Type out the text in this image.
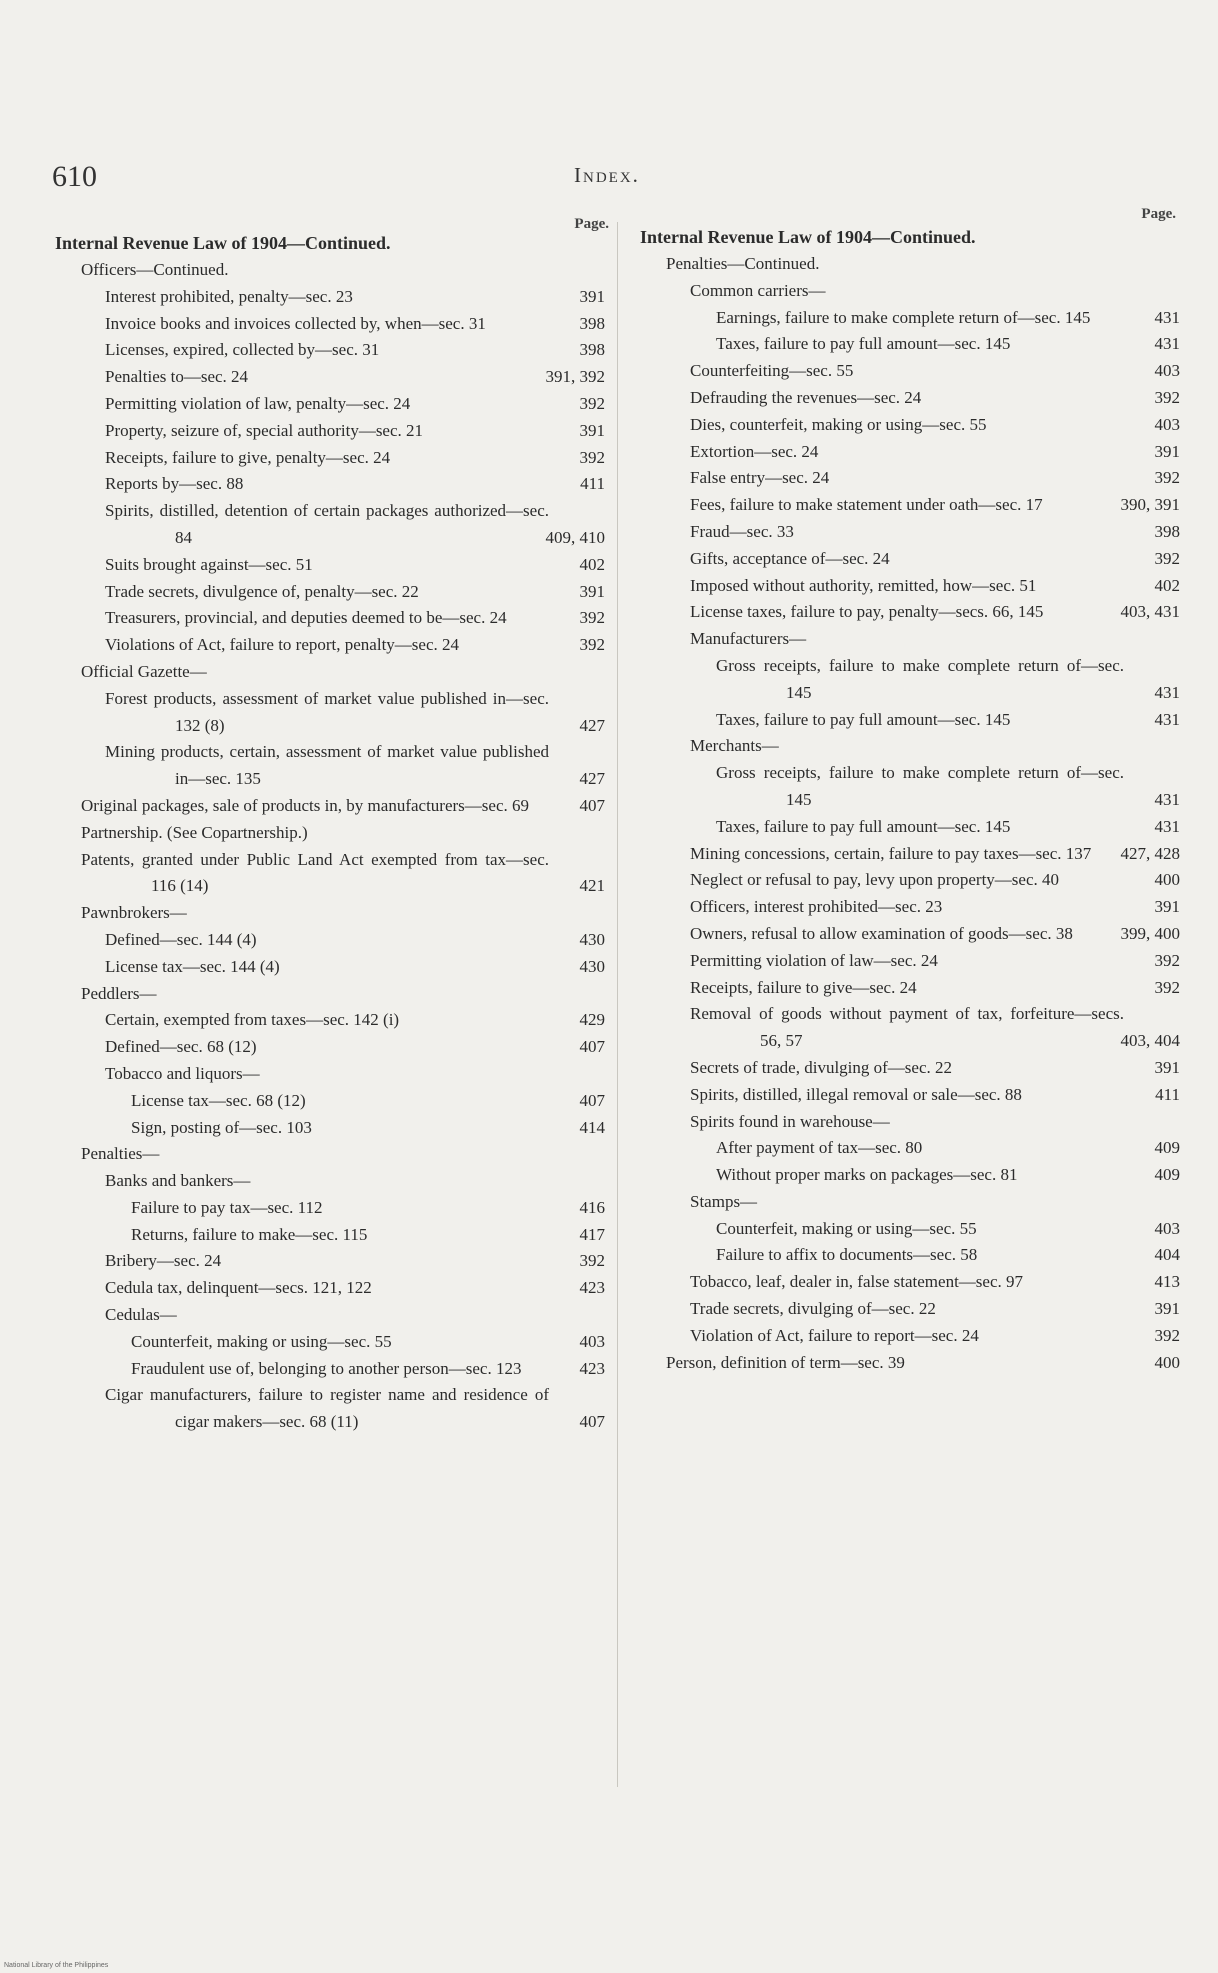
610	Index.
Page.
Internal Revenue Law of 1904—Continued.
Officers—Continued.
Interest prohibited, penalty—sec. 23	391
Invoice books and invoices collected by, when—sec. 31	398
Licenses, expired, collected by—sec. 31	398
Penalties to—sec. 24	391, 392
Permitting violation of law, penalty—sec. 24	392
Property, seizure of, special authority—sec. 21	391
Receipts, failure to give, penalty—sec. 24	392
Reports by—sec. 88	411
Spirits, distilled, detention of certain packages authorized—sec. 84	409, 410
Suits brought against—sec. 51	402
Trade secrets, divulgence of, penalty—sec. 22	391
Treasurers, provincial, and deputies deemed to be—sec. 24	392
Violations of Act, failure to report, penalty—sec. 24	392
Official Gazette—
Forest products, assessment of market value published in—sec. 132 (8)	427
Mining products, certain, assessment of market value published in—sec. 135	427
Original packages, sale of products in, by manufacturers—sec. 69	407
Partnership. (See Copartnership.)
Patents, granted under Public Land Act exempted from tax—sec. 116 (14)	421
Pawnbrokers—
Defined—sec. 144 (4)	430
License tax—sec. 144 (4)	430
Peddlers—
Certain, exempted from taxes—sec. 142 (i)	429
Defined—sec. 68 (12)	407
Tobacco and liquors—
License tax—sec. 68 (12)	407
Sign, posting of—sec. 103	414
Penalties—
Banks and bankers—
Failure to pay tax—sec. 112	416
Returns, failure to make—sec. 115	417
Bribery—sec. 24	392
Cedula tax, delinquent—secs. 121, 122	423
Cedulas—
Counterfeit, making or using—sec. 55	403
Fraudulent use of, belonging to another person—sec. 123	423
Cigar manufacturers, failure to register name and residence of cigar makers—sec. 68 (11)	407
Page.
Internal Revenue Law of 1904—Continued.
Penalties—Continued.
Common carriers—
Earnings, failure to make complete return of—sec. 145	431
Taxes, failure to pay full amount—sec. 145	431
Counterfeiting—sec. 55	403
Defrauding the revenues—sec. 24	392
Dies, counterfeit, making or using—sec. 55	403
Extortion—sec. 24	391
False entry—sec. 24	392
Fees, failure to make statement under oath—sec. 17	390, 391
Fraud—sec. 33	398
Gifts, acceptance of—sec. 24	392
Imposed without authority, remitted, how—sec. 51	402
License taxes, failure to pay, penalty—secs. 66, 145	403, 431
Manufacturers—
Gross receipts, failure to make complete return of—sec. 145	431
Taxes, failure to pay full amount—sec. 145	431
Merchants—
Gross receipts, failure to make complete return of—sec. 145	431
Taxes, failure to pay full amount—sec. 145	431
Mining concessions, certain, failure to pay taxes—sec. 137	427, 428
Neglect or refusal to pay, levy upon property—sec. 40	400
Officers, interest prohibited—sec. 23	391
Owners, refusal to allow examination of goods—sec. 38	399, 400
Permitting violation of law—sec. 24	392
Receipts, failure to give—sec. 24	392
Removal of goods without payment of tax, forfeiture—secs. 56, 57	403, 404
Secrets of trade, divulging of—sec. 22	391
Spirits, distilled, illegal removal or sale—sec. 88	411
Spirits found in warehouse—
After payment of tax—sec. 80	409
Without proper marks on packages—sec. 81	409
Stamps—
Counterfeit, making or using—sec. 55	403
Failure to affix to documents—sec. 58	404
Tobacco, leaf, dealer in, false statement—sec. 97	413
Trade secrets, divulging of—sec. 22	391
Violation of Act, failure to report—sec. 24	392
Person, definition of term—sec. 39	400
National Library of the Philippines
